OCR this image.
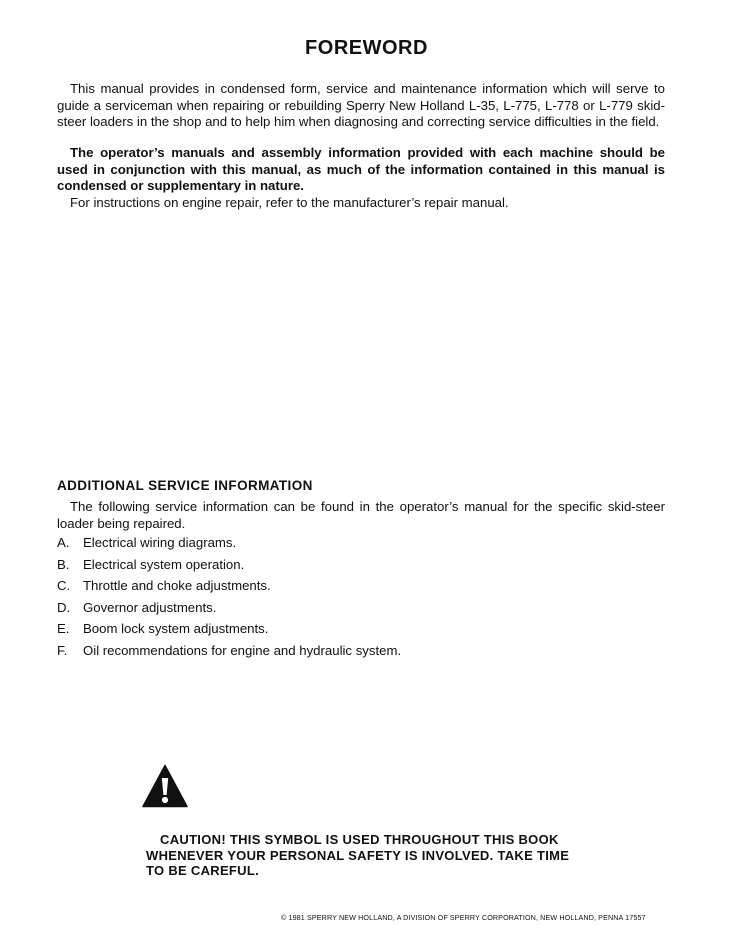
FOREWORD

This manual provides in condensed form, service and maintenance information which will serve to guide a serviceman when repairing or rebuilding Sperry New Holland L-35, L-775, L-778 or L-779 skid-steer loaders in the shop and to help him when diagnosing and correcting service difficulties in the field.

The operator’s manuals and assembly information provided with each machine should be used in conjunction with this manual, as much of the information contained in this manual is condensed or supplementary in nature.

For instructions on engine repair, refer to the manufacturer’s repair manual.

ADDITIONAL SERVICE INFORMATION

The following service information can be found in the operator’s manual for the specific skid-steer loader being repaired.

A.	Electrical wiring diagrams.
B.	Electrical system operation.
C. Throttle and choke adjustments.
D. Governor adjustments.
E.	Boom lock system adjustments.
F.	Oil recommendations for engine and hydraulic system.

CAUTION! THIS SYMBOL IS USED THROUGHOUT THIS BOOK WHENEVER YOUR PERSONAL SAFETY IS INVOLVED. TAKE TIME TO BE CAREFUL.

© 1981 SPERRY NEW HOLLAND, A DIVISION OF SPERRY CORPORATION, NEW HOLLAND, PENNA 17557
